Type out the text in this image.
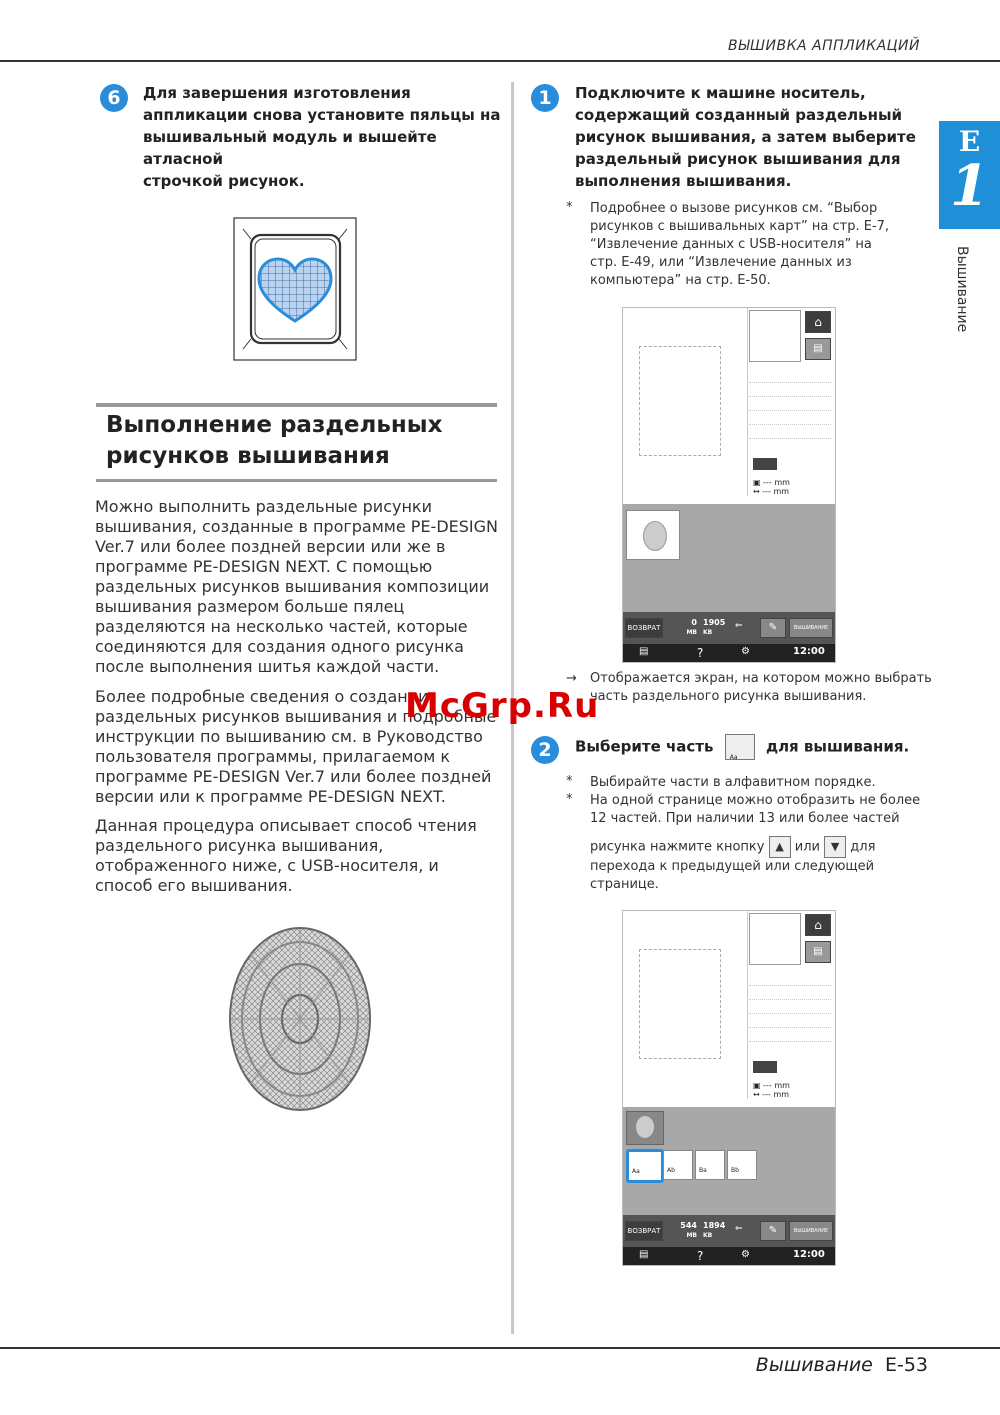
ВЫШИВКА АППЛИКАЦИЙ
E
1
Вышивание
6	Для завершения изготовления
аппликации снова установите пяльцы на
вышивальный модуль и вышейте атласной
строчкой рисунок.
Выполнение раздельных
рисунков вышивания
Можно выполнить раздельные рисунки
вышивания, созданные в программе PE-DESIGN
Ver.7 или более поздней версии или же в
программе PE-DESIGN NEXT. С помощью
раздельных рисунков вышивания композиции
вышивания размером больше пялец
разделяются на несколько частей, которые
соединяются для создания одного рисунка
после выполнения шитья каждой части.
Более подробные сведения о создании
раздельных рисунков вышивания и подробные
инструкции по вышиванию см. в Руководство
пользователя программы, прилагаемом к
программе PE-DESIGN Ver.7 или более поздней
версии или к программе PE-DESIGN NEXT.
Данная процедура описывает способ чтения
раздельного рисунка вышивания,
отображенного ниже, с USB-носителя, и
способ его вышивания.
1	Подключите к машине носитель,
содержащий созданный раздельный
рисунок вышивания, а затем выберите
раздельный рисунок вышивания для
выполнения вышивания.
* Подробнее о вызове рисунков см. “Выбор
рисунков с вышивальных карт” на стр. E-7,
“Извлечение данных с USB-носителя” на
стр. E-49, или “Извлечение данных из
компьютера” на стр. E-50.
⌂
▤
▣ --- mm
↔ --- mm
ВОЗВРАТ
0
MB
1905
KB
⇐	✎	ВЫШИВАНИЕ
▤	?	⚙	12:00
→ Отображается экран, на котором можно выбрать
часть раздельного рисунка вышивания.
McGrp.Ru
2	Выберите часть
Aa
для вышивания.
* Выбирайте части в алфавитном порядке.
* На одной странице можно отобразить не более
12 частей. При наличии 13 или более частей
рисунка нажмите кнопку ▲ или ▼ для
перехода к предыдущей или следующей
странице.
⌂
▤
▣ --- mm
↔ --- mm
Aa	Ab	Ba	Bb
ВОЗВРАТ
544
MB
1894
KB
⇐	✎	ВЫШИВАНИЕ
▤	?	⚙	12:00
Вышивание E-53
